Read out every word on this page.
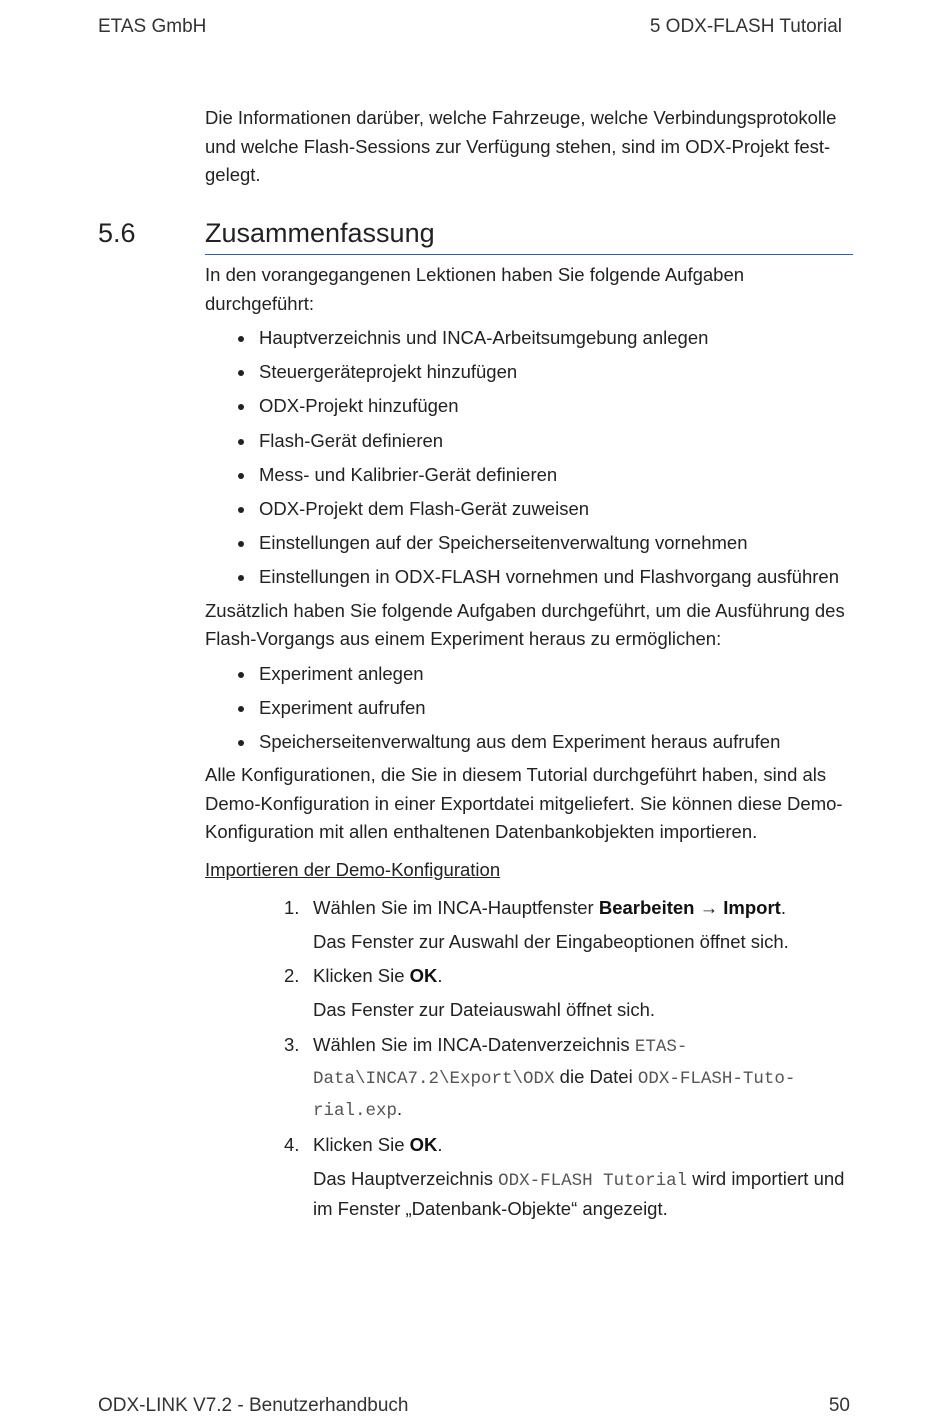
ETAS GmbH	5 ODX-FLASH Tutorial

Die Informationen darüber, welche Fahrzeuge, welche Verbindungsprotokolle und welche Flash-Sessions zur Verfügung stehen, sind im ODX-Projekt fest-gelegt.

5.6	Zusammenfassung

In den vorangegangenen Lektionen haben Sie folgende Aufgaben durchgeführt:

Hauptverzeichnis und INCA-Arbeitsumgebung anlegen
Steuergeräteprojekt hinzufügen
ODX-Projekt hinzufügen
Flash-Gerät definieren
Mess- und Kalibrier-Gerät definieren
ODX-Projekt dem Flash-Gerät zuweisen
Einstellungen auf der Speicherseitenverwaltung vornehmen
Einstellungen in ODX-FLASH vornehmen und Flashvorgang ausführen

Zusätzlich haben Sie folgende Aufgaben durchgeführt, um die Ausführung des Flash-Vorgangs aus einem Experiment heraus zu ermöglichen:

Experiment anlegen
Experiment aufrufen
Speicherseitenverwaltung aus dem Experiment heraus aufrufen

Alle Konfigurationen, die Sie in diesem Tutorial durchgeführt haben, sind als Demo-Konfiguration in einer Exportdatei mitgeliefert. Sie können diese Demo-Konfiguration mit allen enthaltenen Datenbankobjekten importieren.

Importieren der Demo-Konfiguration
1. Wählen Sie im INCA-Hauptfenster Bearbeiten → Import.
Das Fenster zur Auswahl der Eingabeoptionen öffnet sich.
2. Klicken Sie OK.
Das Fenster zur Dateiauswahl öffnet sich.
3. Wählen Sie im INCA-Datenverzeichnis ETAS-
Data\INCA7.2\Export\ODX die Datei ODX-FLASH-Tuto-
rial.exp.
4. Klicken Sie OK.
Das Hauptverzeichnis ODX-FLASH Tutorial wird importiert und im Fenster „Datenbank-Objekte“ angezeigt.
ODX-LINK V7.2 - Benutzerhandbuch	50
